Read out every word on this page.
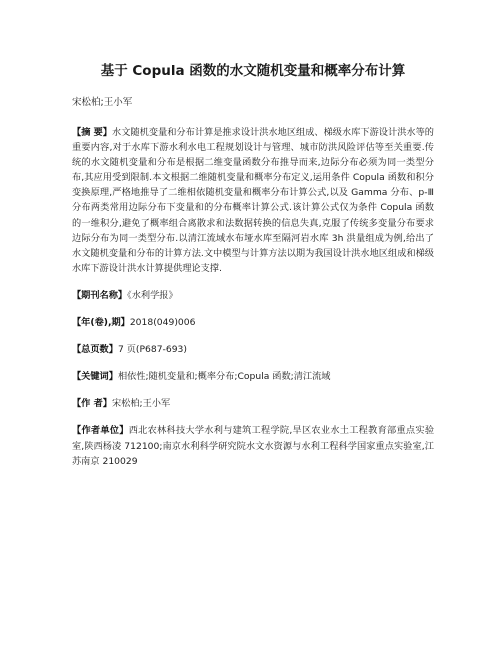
基于 Copula 函数的水文随机变量和概率分布计算
宋松柏;王小军
【摘 要】水文随机变量和分布计算是推求设计洪水地区组成、梯级水库下游设计洪水等的重要内容,对于水库下游水利水电工程规划设计与管理、城市防洪风险评估等至关重要.传统的水文随机变量和分布是根据二维变量函数分布推导而来,边际分布必须为同一类型分布,其应用受到限制.本文根据二维随机变量和概率分布定义,运用条件 Copula 函数和积分变换原理,严格地推导了二维相依随机变量和概率分布计算公式,以及 Gamma 分布、p-Ⅲ分布两类常用边际分布下变量和的分布概率计算公式.该计算公式仅为条件 Copula 函数的一维积分,避免了概率组合离散求和法数据转换的信息失真,克服了传统多变量分布要求边际分布为同一类型分布.以清江流域水布垭水库至隔河岩水库 3h 洪量组成为例,给出了水文随机变量和分布的计算方法.文中模型与计算方法以期为我国设计洪水地区组成和梯级水库下游设计洪水计算提供理论支撑.
【期刊名称】《水利学报》
【年(卷),期】2018(049)006
【总页数】7 页(P687-693)
【关键词】相依性;随机变量和;概率分布;Copula 函数;清江流域
【作 者】宋松柏;王小军
【作者单位】西北农林科技大学水利与建筑工程学院,旱区农业水土工程教育部重点实验室,陕西杨凌 712100;南京水利科学研究院水文水资源与水利工程科学国家重点实验室,江苏南京 210029
